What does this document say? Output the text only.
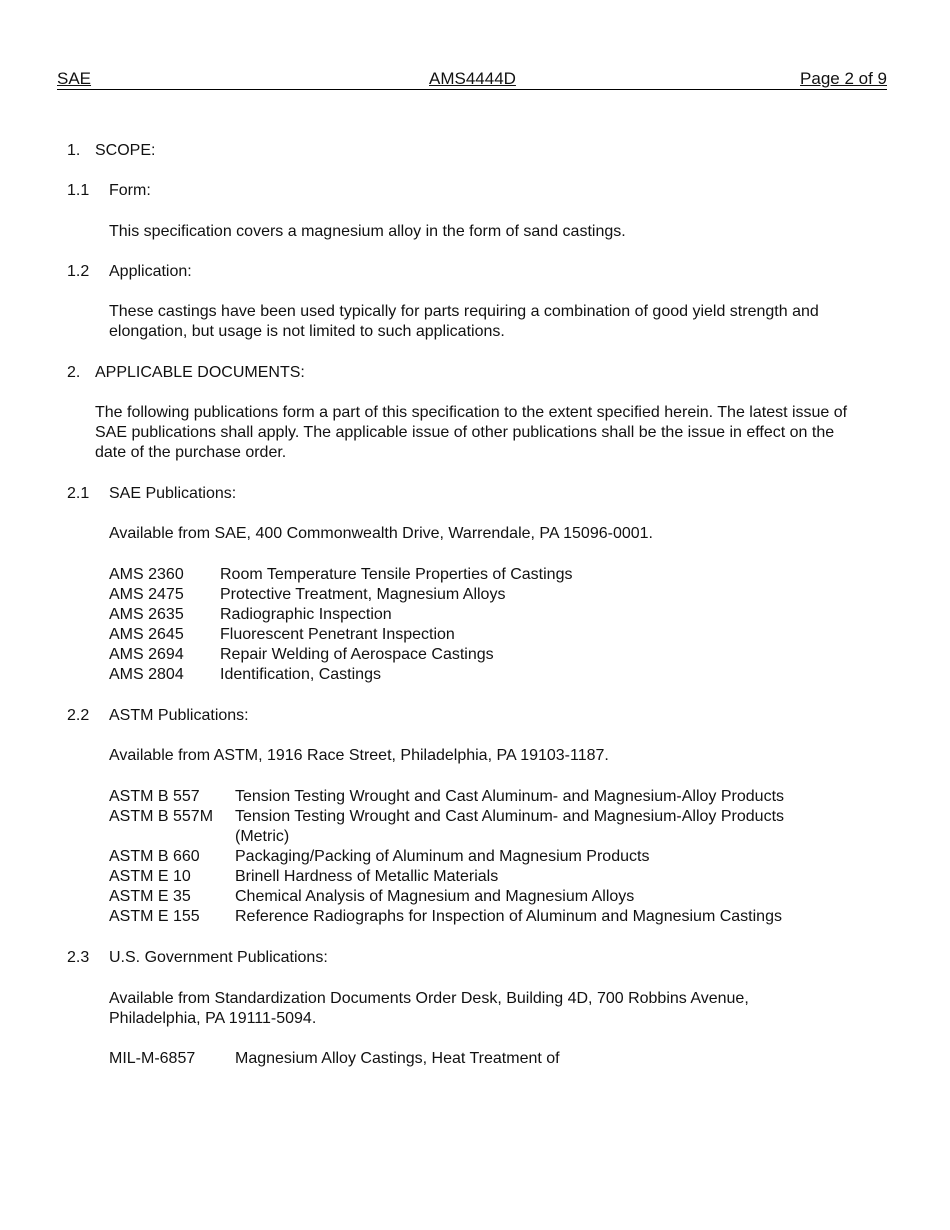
SAE	AMS4444D	Page 2 of 9
1. SCOPE:
1.1 Form:
This specification covers a magnesium alloy in the form of sand castings.
1.2 Application:
These castings have been used typically for parts requiring a combination of good yield strength and elongation, but usage is not limited to such applications.
2. APPLICABLE DOCUMENTS:
The following publications form a part of this specification to the extent specified herein. The latest issue of SAE publications shall apply. The applicable issue of other publications shall be the issue in effect on the date of the purchase order.
2.1 SAE Publications:
Available from SAE, 400 Commonwealth Drive, Warrendale, PA 15096-0001.
AMS 2360 Room Temperature Tensile Properties of Castings
AMS 2475 Protective Treatment, Magnesium Alloys
AMS 2635 Radiographic Inspection
AMS 2645 Fluorescent Penetrant Inspection
AMS 2694 Repair Welding of Aerospace Castings
AMS 2804 Identification, Castings
2.2 ASTM Publications:
Available from ASTM, 1916 Race Street, Philadelphia, PA 19103-1187.
ASTM B 557 Tension Testing Wrought and Cast Aluminum- and Magnesium-Alloy Products
ASTM B 557M Tension Testing Wrought and Cast Aluminum- and Magnesium-Alloy Products (Metric)
ASTM B 660 Packaging/Packing of Aluminum and Magnesium Products
ASTM E 10	Brinell Hardness of Metallic Materials
ASTM E 35	Chemical Analysis of Magnesium and Magnesium Alloys
ASTM E 155 Reference Radiographs for Inspection of Aluminum and Magnesium Castings
2.3 U.S. Government Publications:
Available from Standardization Documents Order Desk, Building 4D, 700 Robbins Avenue, Philadelphia, PA 19111-5094.
MIL-M-6857 Magnesium Alloy Castings, Heat Treatment of
